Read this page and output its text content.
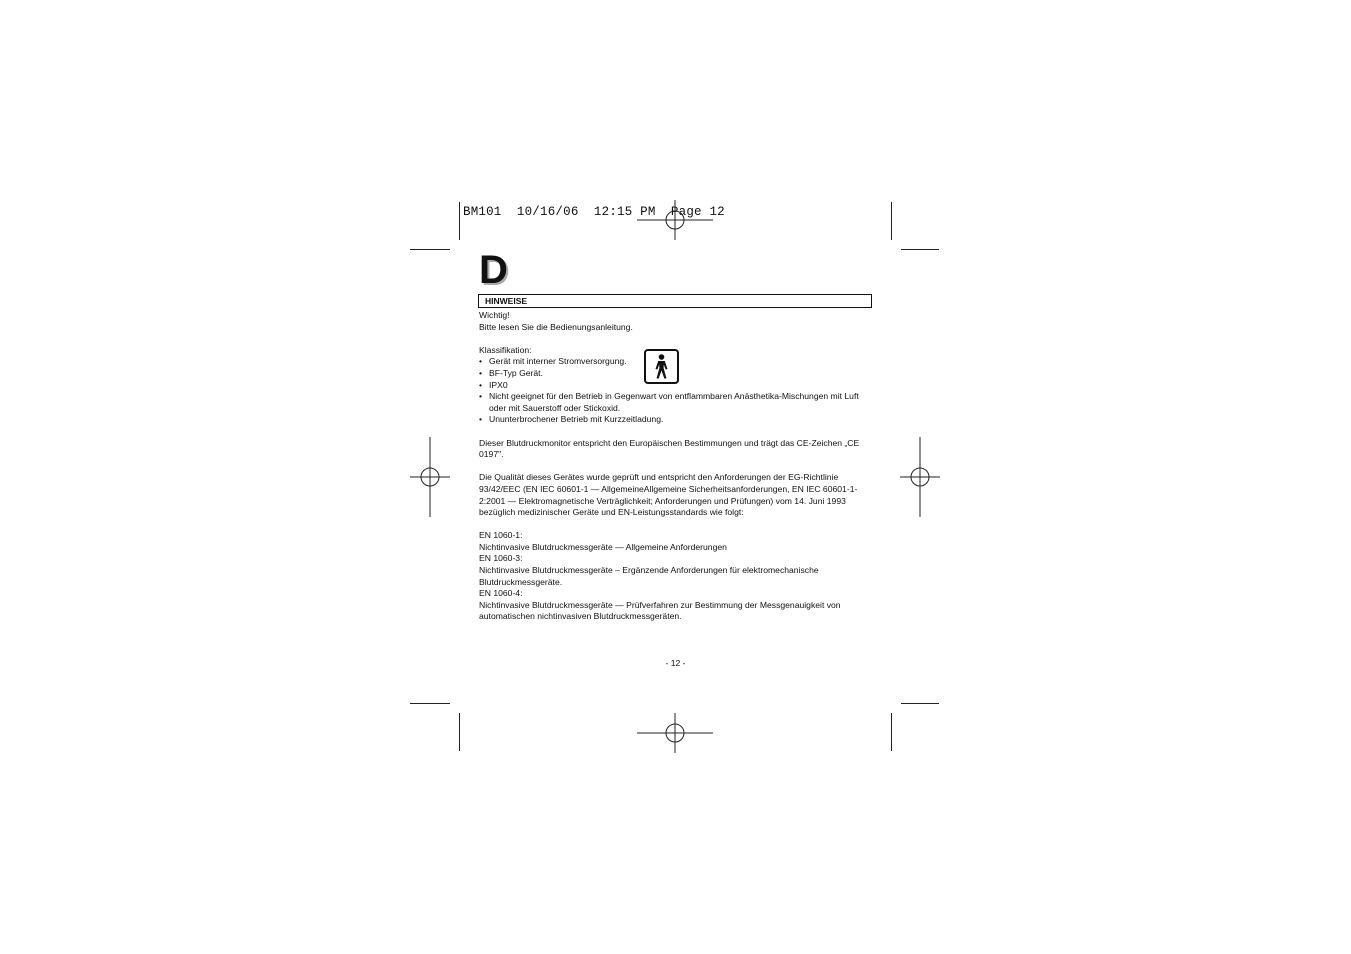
BM101  10/16/06  12:15 PM  Page 12
D
HINWEISE

Wichtig!

Bitte lesen Sie die Bedienungsanleitung.

Klassifikation:

• Gerät mit interner Stromversorgung.
• BF-Typ Gerät.
• IPX0
• Nicht geeignet für den Betrieb in Gegenwart von entflammbaren Anästhetika-Mischungen mit Luft oder mit Sauerstoff oder Stickoxid.
• Ununterbrochener Betrieb mit Kurzzeitladung.

Dieser Blutdruckmonitor entspricht den Europäischen Bestimmungen und trägt das CE-Zeichen „CE 0197".

Die Qualität dieses Gerätes wurde geprüft und entspricht den Anforderungen der EG-Richtlinie 93/42/EEC (EN IEC 60601-1 — AllgemeineAllgemeine Sicherheitsanforderungen, EN IEC 60601-1-2:2001 — Elektromagnetische Verträglichkeit; Anforderungen und Prüfungen) vom 14. Juni 1993 bezüglich medizinischer Geräte und EN-Leistungsstandards wie folgt:

EN 1060-1:

Nichtinvasive Blutdruckmessgeräte — Allgemeine Anforderungen

EN 1060-3:

Nichtinvasive Blutdruckmessgeräte – Ergänzende Anforderungen für elektromechanische Blutdruckmessgeräte.

EN 1060-4:

Nichtinvasive Blutdruckmessgeräte — Prüfverfahren zur Bestimmung der Messgenauigkeit von automatischen nichtinvasiven Blutdruckmessgeräten.

- 12 -
